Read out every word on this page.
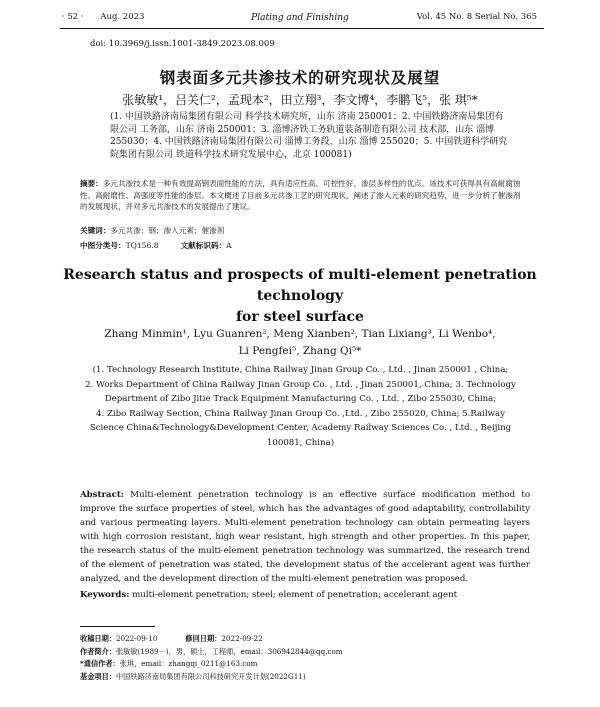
· 52 · Aug. 2023	Plating and Finishing	Vol. 45 No. 8 Serial No. 365
doi: 10.3969/j.issn.1001-3849.2023.08.009
钢表面多元共渗技术的研究现状及展望
张敏敏¹，吕关仁²，孟现本²，田立翔³，李文博⁴，李鹏飞⁵，张 琪⁵*
(1. 中国铁路济南局集团有限公司 科学技术研究所，山东 济南 250001；2. 中国铁路济南局集团有
限公司 工务部，山东 济南 250001；3. 淄博济铁工务轨道装备制造有限公司 技术部，山东 淄博
255030；4. 中国铁路济南局集团有限公司 淄博工务段，山东 淄博 255020；5. 中国铁道科学研究
院集团有限公司 铁道科学技术研究发展中心，北京 100081)
摘要：多元共渗技术是一种有效提高钢表面性能的方法，具有适应性高、可控性好、渗层多样性的优点。该技术可获得具有高耐腐蚀性、高耐磨性、高强度等性能的渗层。本文概述了目前多元共渗工艺的研究现状，阐述了渗入元素的研究趋势，进一步分析了催渗剂的发展现状，并对多元共渗技术的发展提出了建议。
关键词：多元共渗；钢；渗入元素；催渗剂
中图分类号：TQ156.8	文献标识码：A
Research status and prospects of multi-element penetration technology
for steel surface
Zhang Minmin¹, Lyu Guanren², Meng Xianben², Tian Lixiang³, Li Wenbo⁴,
Li Pengfei⁵, Zhang Qi⁵*
(1. Technology Research Institute, China Railway Jinan Group Co. , Ltd. , Jinan 250001 , China;
2. Works Department of China Railway Jinan Group Co. , Ltd. , Jinan 250001, China; 3. Technology
Department of Zibo Jitie Track Equipment Manufacturing Co. , Ltd. , Zibo 255030, China;
4. Zibo Railway Section, China Railway Jinan Group Co. ,Ltd. , Zibo 255020, China; 5.Railway
Science China&Technology&Development Center, Academy Railway Sciences Co. , Ltd. , Beijing
100081, China)
Abstract: Multi-element penetration technology is an effective surface modification method to improve the surface properties of steel, which has the advantages of good adaptability, controllability and various permeating layers. Multi-element penetration technology can obtain permeating layers with high corrosion resistant, high wear resistant, high strength and other properties. In this paper, the research status of the multi-element penetration technology was summarized, the research trend of the element of penetration was stated, the development status of the accelerant agent was further analyzed, and the development direction of the multi-element penetration was proposed.
Keywords: multi-element penetration; steel; element of penetration; accelerant agent
收稿日期：2022-09-10	修回日期：2022-09-22
作者简介：张敏敏(1989－)，男，硕士，工程师，email：306942844@qq.com
*通信作者：张琪，email：zhangqi_0211@163.com
基金项目：中国铁路济南局集团有限公司科技研究开发计划(2022G11)
